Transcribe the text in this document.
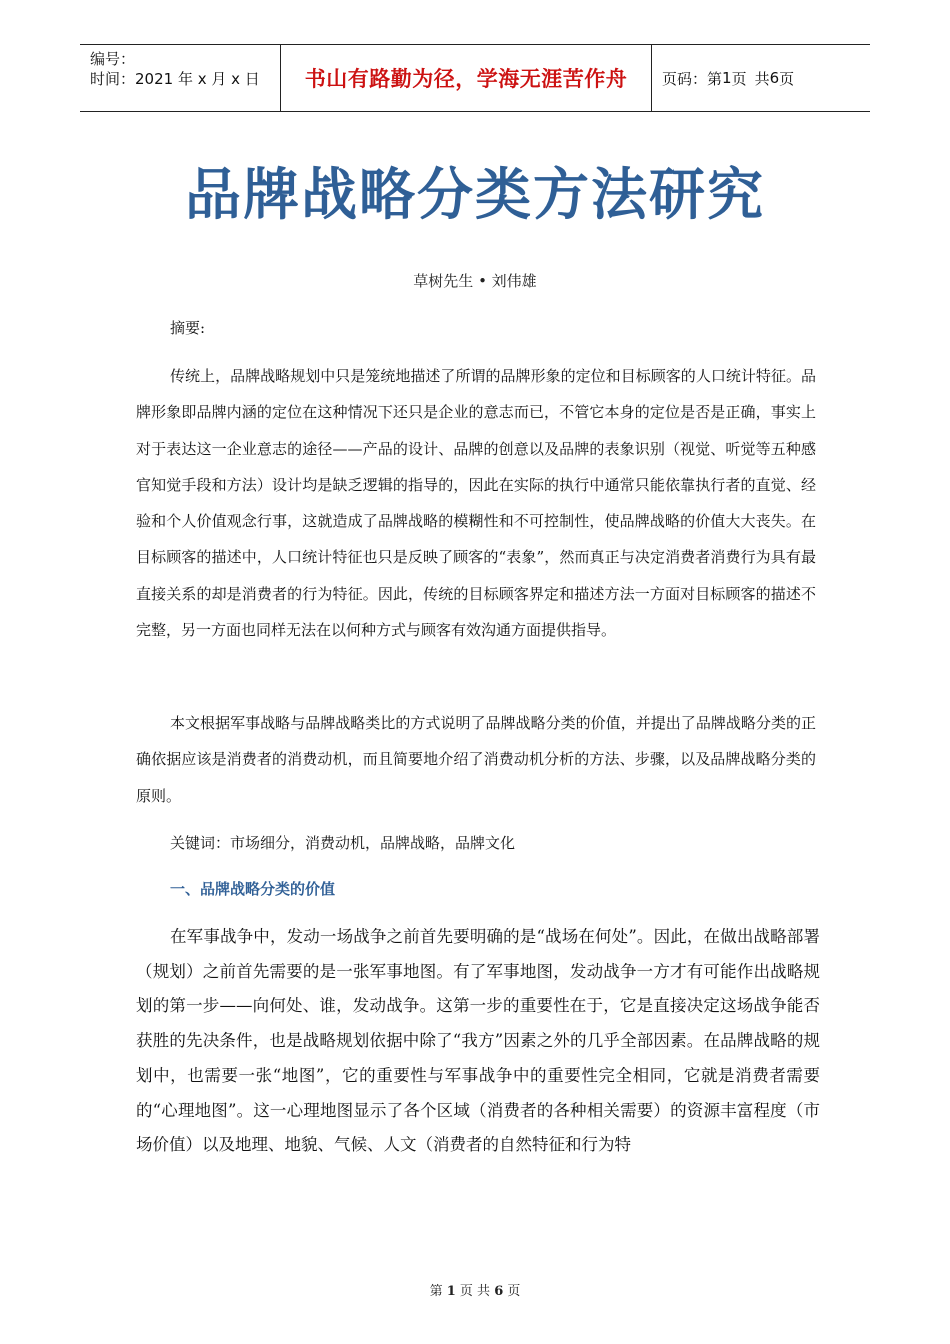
编号：
时间：2021 年 x 月 x 日	书山有路勤为径，学海无涯苦作舟	页码：第 1 页 共 6 页
品牌战略分类方法研究
草树先生 • 刘伟雄
摘要:
传统上，品牌战略规划中只是笼统地描述了所谓的品牌形象的定位和目标顾客的人口统计特征。品牌形象即品牌内涵的定位在这种情况下还只是企业的意志而已，不管它本身的定位是否是正确，事实上对于表达这一企业意志的途径——产品的设计、品牌的创意以及品牌的表象识别（视觉、听觉等五种感官知觉手段和方法）设计均是缺乏逻辑的指导的，因此在实际的执行中通常只能依靠执行者的直觉、经验和个人价值观念行事，这就造成了品牌战略的模糊性和不可控制性，使品牌战略的价值大大丧失。在目标顾客的描述中，人口统计特征也只是反映了顾客的“表象”，然而真正与决定消费者消费行为具有最直接关系的却是消费者的行为特征。因此，传统的目标顾客界定和描述方法一方面对目标顾客的描述不完整，另一方面也同样无法在以何种方式与顾客有效沟通方面提供指导。
本文根据军事战略与品牌战略类比的方式说明了品牌战略分类的价值，并提出了品牌战略分类的正确依据应该是消费者的消费动机，而且简要地介绍了消费动机分析的方法、步骤，以及品牌战略分类的原则。
关键词：市场细分，消费动机，品牌战略，品牌文化
一、品牌战略分类的价值
在军事战争中，发动一场战争之前首先要明确的是“战场在何处”。因此，在做出战略部署（规划）之前首先需要的是一张军事地图。有了军事地图，发动战争一方才有可能作出战略规划的第一步——向何处、谁，发动战争。这第一步的重要性在于，它是直接决定这场战争能否获胜的先决条件，也是战略规划依据中除了“我方”因素之外的几乎全部因素。在品牌战略的规划中，也需要一张“地图”，它的重要性与军事战争中的重要性完全相同，它就是消费者需要的“心理地图”。这一心理地图显示了各个区域（消费者的各种相关需要）的资源丰富程度（市场价值）以及地理、地貌、气候、人文（消费者的自然特征和行为特
第 1 页 共 6 页
